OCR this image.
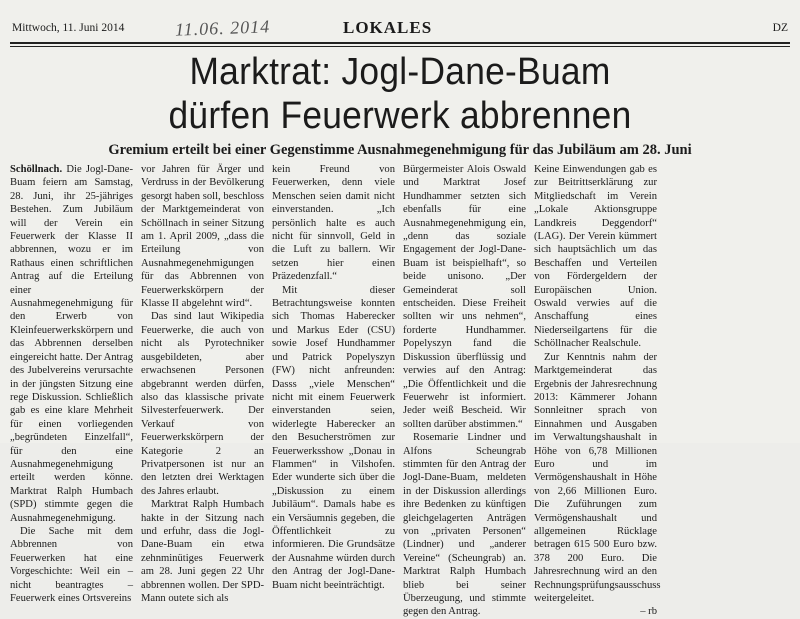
Mittwoch, 11. Juni 2014	11.06. 2014	LOKALES	DZ
Marktrat: Jogl-Dane-Buam
dürfen Feuerwerk abbrennen
Gremium erteilt bei einer Gegenstimme Ausnahmegenehmigung für das Jubiläum am 28. Juni

Schöllnach. Die Jogl-Dane-Buam feiern am Samstag, 28. Juni, ihr 25-jähriges Bestehen. Zum Jubiläum will der Verein ein Feuerwerk der Klasse II abbrennen, wozu er im Rathaus einen schriftlichen Antrag auf die Erteilung einer Ausnahmegenehmigung für den Erwerb von Kleinfeuerwerkskörpern und das Abbrennen derselben eingereicht hatte. Der Antrag des Jubelvereins verursachte in der jüngsten Sitzung eine rege Diskussion. Schließlich gab es eine klare Mehrheit für einen vorliegenden „begründeten Einzelfall“, für den eine Ausnahmegenehmigung erteilt werden könne. Marktrat Ralph Humbach (SPD) stimmte gegen die Ausnahmegenehmigung.

Die Sache mit dem Abbrennen von Feuerwerken hat eine Vorgeschichte: Weil ein – nicht beantragtes – Feuerwerk eines Ortsvereins

vor Jahren für Ärger und Verdruss in der Bevölkerung gesorgt haben soll, beschloss der Marktgemeinderat von Schöllnach in seiner Sitzung am 1. April 2009, „dass die Erteilung von Ausnahmegenehmigungen für das Abbrennen von Feuerwerkskörpern der Klasse II abgelehnt wird“.

Das sind laut Wikipedia Feuerwerke, die auch von nicht als Pyrotechniker ausgebildeten, aber erwachsenen Personen abgebrannt werden dürfen, also das klassische private Silvesterfeuerwerk. Der Verkauf von Feuerwerkskörpern der Kategorie 2 an Privatpersonen ist nur an den letzten drei Werktagen des Jahres erlaubt.

Marktrat Ralph Humbach hakte in der Sitzung nach und erfuhr, dass die Jogl-Dane-Buam ein etwa zehnminütiges Feuerwerk am 28. Juni gegen 22 Uhr abbrennen wollen. Der SPD-Mann outete sich als

kein Freund von Feuerwerken, denn viele Menschen seien damit nicht einverstanden. „Ich persönlich halte es auch nicht für sinnvoll, Geld in die Luft zu ballern. Wir setzen hier einen Präzedenzfall.“

Mit dieser Betrachtungsweise konnten sich Thomas Haberecker und Markus Eder (CSU) sowie Josef Hundhammer und Patrick Popelyszyn (FW) nicht anfreunden: Dasss „viele Menschen“ nicht mit einem Feuerwerk einverstanden seien, widerlegte Haberecker an den Besucherströmen zur Feuerwerksshow „Donau in Flammen“ in Vilshofen. Eder wunderte sich über die „Diskussion zu einem Jubiläum“. Damals habe es ein Versäumnis gegeben, die Öffentlichkeit zu informieren. Die Grundsätze der Ausnahme würden durch den Antrag der Jogl-Dane-Buam nicht beeinträchtigt.

Bürgermeister Alois Oswald und Marktrat Josef Hundhammer setzten sich ebenfalls für eine Ausnahmegenehmigung ein, „denn das soziale Engagement der Jogl-Dane-Buam ist beispielhaft“, so beide unisono. „Der Gemeinderat soll entscheiden. Diese Freiheit sollten wir uns nehmen“, forderte Hundhammer. Popelyszyn fand die Diskussion überflüssig und verwies auf den Antrag: „Die Öffentlichkeit und die Feuerwehr ist informiert. Jeder weiß Bescheid. Wir sollten darüber abstimmen.“

Rosemarie Lindner und Alfons Scheungrab stimmten für den Antrag der Jogl-Dane-Buam, meldeten in der Diskussion allerdings ihre Bedenken zu künftigen gleichgelagerten Anträgen von „privaten Personen“ (Lindner) und „anderer Vereine“ (Scheungrab) an. Marktrat Ralph Humbach blieb bei seiner Überzeugung, und stimmte gegen den Antrag.

Keine Einwendungen gab es zur Beitrittserklärung zur Mitgliedschaft im Verein „Lokale Aktionsgruppe Landkreis Deggendorf“ (LAG). Der Verein kümmert sich hauptsächlich um das Beschaffen und Verteilen von Fördergeldern der Europäischen Union. Oswald verwies auf die Anschaffung eines Niederseilgartens für die Schöllnacher Realschule.

Zur Kenntnis nahm der Marktgemeinderat das Ergebnis der Jahresrechnung 2013: Kämmerer Johann Sonnleitner sprach von Einnahmen und Ausgaben im Verwaltungshaushalt in Höhe von 6,78 Millionen Euro und im Vermögenshaushalt in Höhe von 2,66 Millionen Euro. Die Zuführungen zum Vermögenshaushalt und allgemeinen Rücklage betragen 615 500 Euro bzw. 378 200 Euro. Die Jahresrechnung wird an den Rechnungsprüfungsausschuss weitergeleitet.

– rb
